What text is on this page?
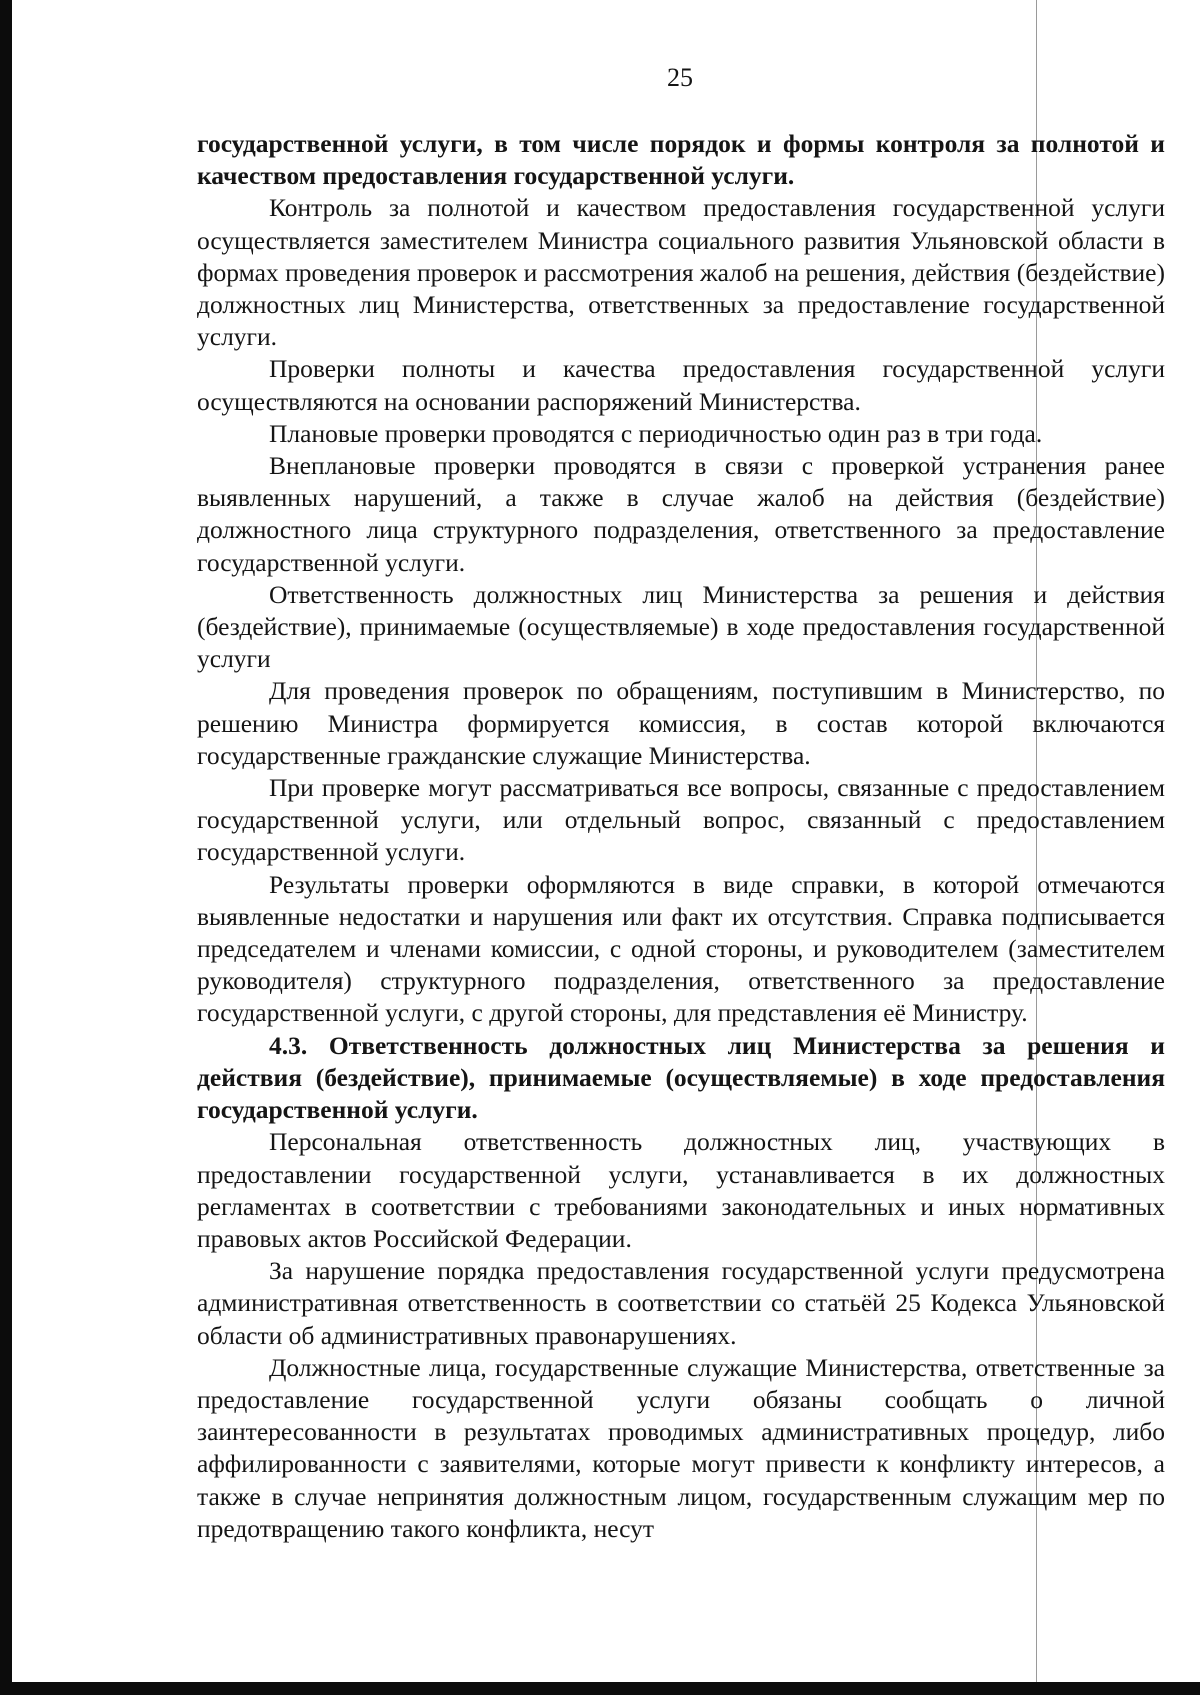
25

государственной услуги, в том числе порядок и формы контроля за полнотой и качеством предоставления государственной услуги.

Контроль за полнотой и качеством предоставления государственной услуги осуществляется заместителем Министра социального развития Ульяновской области в формах проведения проверок и рассмотрения жалоб на решения, действия (бездействие) должностных лиц Министерства, ответственных за предоставление государственной услуги.

Проверки полноты и качества предоставления государственной услуги осуществляются на основании распоряжений Министерства.

Плановые проверки проводятся с периодичностью один раз в три года.

Внеплановые проверки проводятся в связи с проверкой устранения ранее выявленных нарушений, а также в случае жалоб на действия (бездействие) должностного лица структурного подразделения, ответственного за предоставление государственной услуги.

Ответственность должностных лиц Министерства за решения и действия (бездействие), принимаемые (осуществляемые) в ходе предоставления государственной услуги

Для проведения проверок по обращениям, поступившим в Министерство, по решению Министра формируется комиссия, в состав которой включаются государственные гражданские служащие Министерства.

При проверке могут рассматриваться все вопросы, связанные с предоставлением государственной услуги, или отдельный вопрос, связанный с предоставлением государственной услуги.

Результаты проверки оформляются в виде справки, в которой отмечаются выявленные недостатки и нарушения или факт их отсутствия. Справка подписывается председателем и членами комиссии, с одной стороны, и руководителем (заместителем руководителя) структурного подразделения, ответственного за предоставление государственной услуги, с другой стороны, для представления её Министру.

4.3. Ответственность должностных лиц Министерства за решения и действия (бездействие), принимаемые (осуществляемые) в ходе предоставления государственной услуги.

Персональная ответственность должностных лиц, участвующих в предоставлении государственной услуги, устанавливается в их должностных регламентах в соответствии с требованиями законодательных и иных нормативных правовых актов Российской Федерации.

За нарушение порядка предоставления государственной услуги предусмотрена административная ответственность в соответствии со статьёй 25 Кодекса Ульяновской области об административных правонарушениях.

Должностные лица, государственные служащие Министерства, ответственные за предоставление государственной услуги обязаны сообщать о личной заинтересованности в результатах проводимых административных процедур, либо аффилированности с заявителями, которые могут привести к конфликту интересов, а также в случае непринятия должностным лицом, государственным служащим мер по предотвращению такого конфликта, несут
